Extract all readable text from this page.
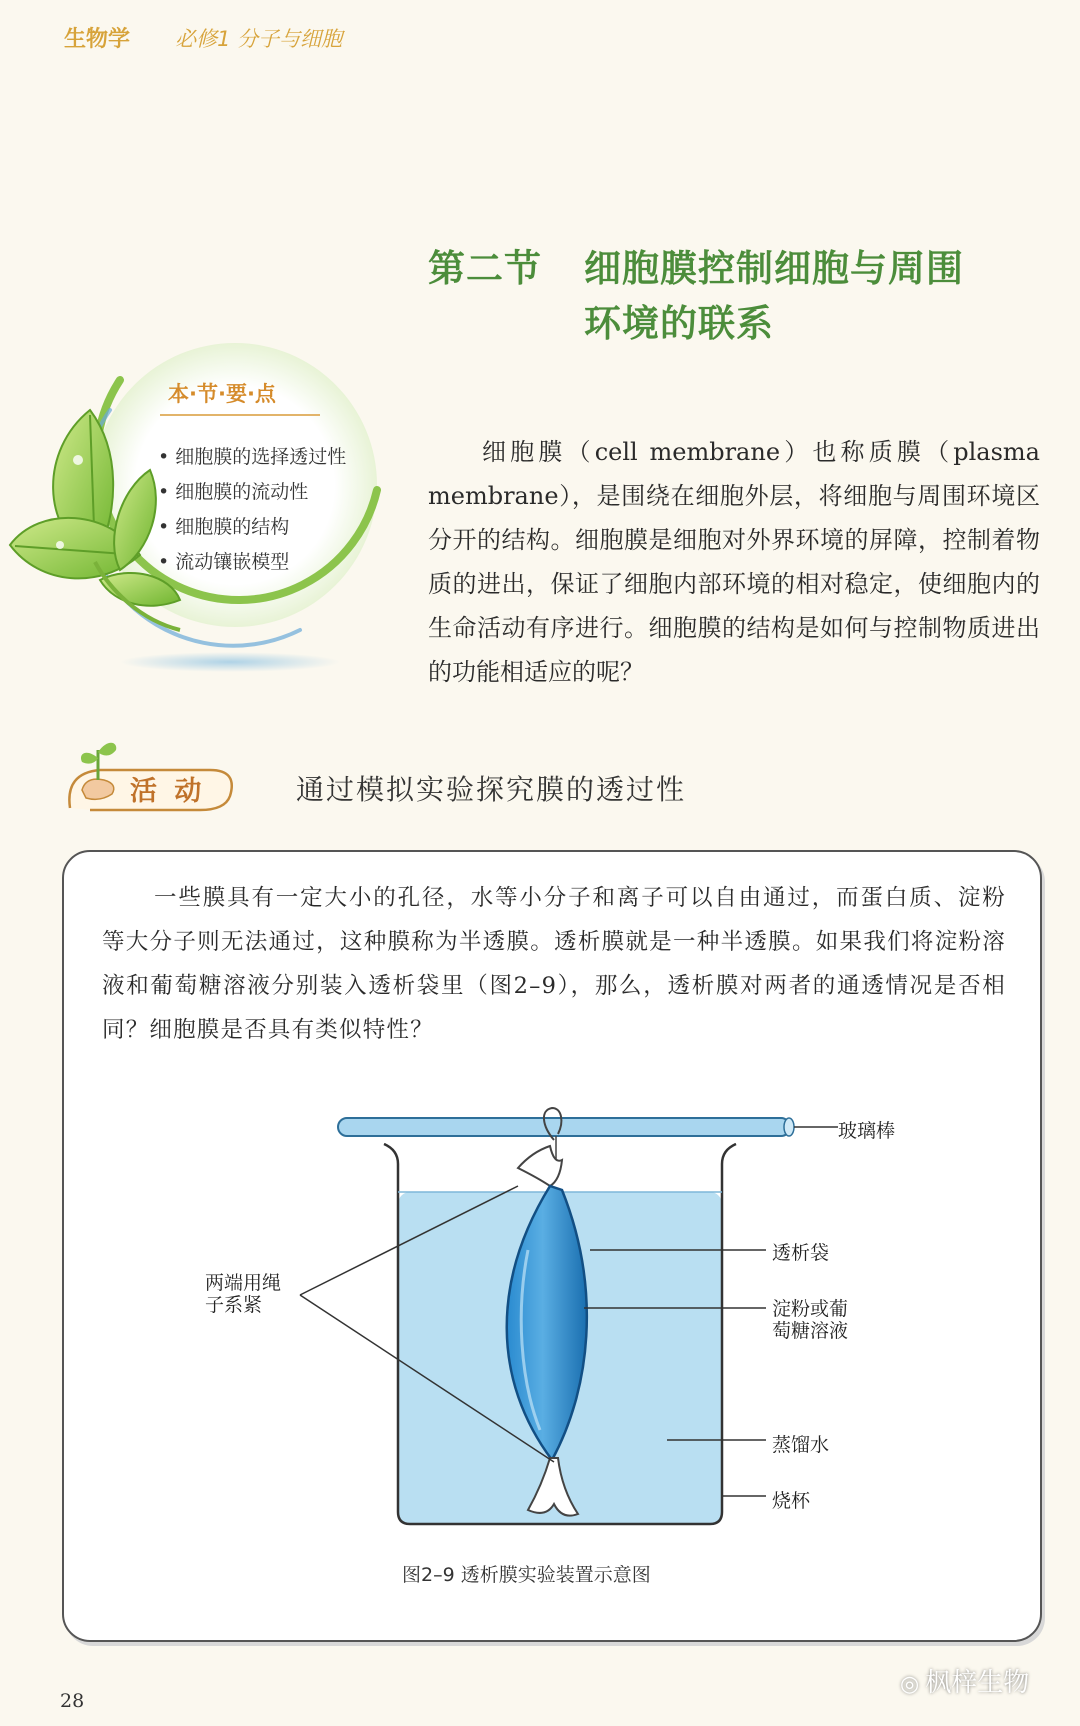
生物学 必修1 分子与细胞
第二节 细胞膜控制细胞与周围
环境的联系
本·节·要·点
• 细胞膜的选择透过性
• 细胞膜的流动性
• 细胞膜的结构
• 流动镶嵌模型

细胞膜（cell membrane）也称质膜（plasma membrane），是围绕在细胞外层，将细胞与周围环境区分开的结构。细胞膜是细胞对外界环境的屏障，控制着物质的进出，保证了细胞内部环境的相对稳定，使细胞内的生命活动有序进行。细胞膜的结构是如何与控制物质进出的功能相适应的呢？

活 动	通过模拟实验探究膜的透过性

一些膜具有一定大小的孔径，水等小分子和离子可以自由通过，而蛋白质、淀粉等大分子则无法通过，这种膜称为半透膜。透析膜就是一种半透膜。如果我们将淀粉溶液和葡萄糖溶液分别装入透析袋里（图2–9），那么，透析膜对两者的通透情况是否相同？细胞膜是否具有类似特性？

玻璃棒
透析袋
淀粉或葡
萄糖溶液
蒸馏水
烧杯
两端用绳
子系紧
图2–9 透析膜实验装置示意图
28
◎ 枫梓生物
